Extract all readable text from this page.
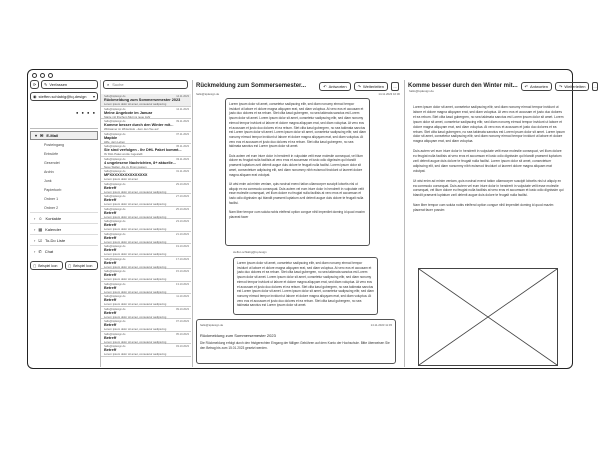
⟳ ✎ Verfassen
◉ steffen.schlabig@tq.design ▾
● ● ● ●
▾ ✉ E-Mail
Posteingang
Entwürfe
Gesendet
Archiv
Junk
Papierkorb
Ordner 1
Ordner 2
› ☺ Kontakte
› ▦ Kalender
› ☑ To-Do Liste
› ✆ Chat
▢ Beispiel Icon	▢ Beispiel Icon
⌕ Suche
hallo@tqdesign.de	14.11.2023
Rückmeldung zum Sommersemester 2023
Lorem ipsum dolor sit amet, consetetur sadipscing
hallo@tqdesign.de	12.11.2023
Meine Angebote im Januar
Starte mit frischem Mut ins neue Jahr
hallo@tqdesign.de	09.11.2023
Komme besser durch den Winter mit...
Wirksamer im Winterlook - dem den Tee auf
hallo@tqdesign.de	07.11.2023
Mapble
Hilfe, dein Leben
hallo@tqdesign.de	05.11.2023
Sie sind verfolgen - Ihr DHL Paket kommt...
Ihr DHL Paket wurde zugestellt
hallo@tqdesign.de	03.11.2023
4 ungelesene Nachrichten, 8+ aktuelle...
Neue Stellen, die zu Ihnen passen
hallo@tqdesign.de	01.11.2023
MFXXXXXXXXXXXXXXX
Lorem ipsum dolor sit amet
hallo@tqdesign.de	29.10.2023
Betreff
Lorem ipsum dolor sit amet, consetetur sadipscing
hallo@tqdesign.de	27.10.2023
Betreff
Lorem ipsum dolor sit amet, consetetur sadipscing
hallo@tqdesign.de	25.10.2023
Betreff
Lorem ipsum dolor sit amet, consetetur sadipscing
hallo@tqdesign.de	23.10.2023
Betreff
Lorem ipsum dolor sit amet, consetetur sadipscing
hallo@tqdesign.de	21.10.2023
Betreff
Lorem ipsum dolor sit amet, consetetur sadipscing
hallo@tqdesign.de	19.10.2023
Betreff
Lorem ipsum dolor sit amet, consetetur sadipscing
hallo@tqdesign.de	17.10.2023
Betreff
Lorem ipsum dolor sit amet, consetetur sadipscing
hallo@tqdesign.de	15.10.2023
Betreff
Lorem ipsum dolor sit amet, consetetur sadipscing
hallo@tqdesign.de	13.10.2023
Betreff
Lorem ipsum dolor sit amet, consetetur sadipscing
hallo@tqdesign.de	11.10.2023
Betreff
Lorem ipsum dolor sit amet, consetetur sadipscing
hallo@tqdesign.de	09.10.2023
Betreff
Lorem ipsum dolor sit amet, consetetur sadipscing
hallo@tqdesign.de	07.10.2023
Betreff
Lorem ipsum dolor sit amet, consetetur sadipscing
hallo@tqdesign.de	05.10.2023
Betreff
Lorem ipsum dolor sit amet, consetetur sadipscing
hallo@tqdesign.de	03.10.2023
Betreff
Lorem ipsum dolor sit amet, consetetur sadipscing
Rückmeldung zum Sommersemester...	↶ Antworten	↷ Weiterleiten	...
hallo@tqdesign.de	14.11.2023 10:30

Lorem ipsum dolor sit amet, consetetur sadipscing elitr, sed diam nonumy eirmod tempor invidunt ut labore et dolore magna aliquyam erat, sed diam voluptua. At vero eos et accusam et justo duo dolores et ea rebum. Stet clita kasd gubergren, no sea takimata sanctus est Lorem ipsum dolor sit amet. Lorem ipsum dolor sit amet, consetetur sadipscing elitr, sed diam nonumy eirmod tempor invidunt ut labore et dolore magna aliquyam erat, sed diam voluptua. At vero eos et accusam et justo duo dolores et ea rebum. Stet clita kasd gubergren, no sea takimata sanctus est Lorem ipsum dolor sit amet. Lorem ipsum dolor sit amet, consetetur sadipscing elitr, sed diam nonumy eirmod tempor invidunt ut labore et dolore magna aliquyam erat, sed diam voluptua. At vero eos et accusam et justo duo dolores et ea rebum. Stet clita kasd gubergren, no sea takimata sanctus est Lorem ipsum dolor sit amet.

Duis autem vel eum iriure dolor in hendrerit in vulputate velit esse molestie consequat, vel illum dolore eu feugiat nulla facilisis at vero eros et accumsan et iusto odio dignissim qui blandit praesent luptatum zzril delenit augue duis dolore te feugait nulla facilisi. Lorem ipsum dolor sit amet, consectetuer adipiscing elit, sed diam nonummy nibh euismod tincidunt ut laoreet dolore magna aliquam erat volutpat.

Ut wisi enim ad minim veniam, quis nostrud exerci tation ullamcorper suscipit lobortis nisl ut aliquip ex ea commodo consequat. Duis autem vel eum iriure dolor in hendrerit in vulputate velit esse molestie consequat, vel illum dolore eu feugiat nulla facilisis at vero eros et accumsan et iusto odio dignissim qui blandit praesent luptatum zzril delenit augue duis dolore te feugait nulla facilisi.

Nam liber tempor cum soluta nobis eleifend option congue nihil imperdiet doming id quod mazim placerat facer

steffen.schlabig@tq.design

Lorem ipsum dolor sit amet, consetetur sadipscing elitr, sed diam nonumy eirmod tempor invidunt ut labore et dolore magna aliquyam erat, sed diam voluptua. At vero eos et accusam et justo duo dolores et ea rebum. Stet clita kasd gubergren, no sea takimata sanctus est Lorem ipsum dolor sit amet. Lorem ipsum dolor sit amet, consetetur sadipscing elitr, sed diam nonumy eirmod tempor invidunt ut labore et dolore magna aliquyam erat, sed diam voluptua. At vero eos et accusam et justo duo dolores et ea rebum. Stet clita kasd gubergren, no sea takimata sanctus est Lorem ipsum dolor sit amet. Lorem ipsum dolor sit amet, consetetur sadipscing elitr, sed diam nonumy eirmod tempor invidunt ut labore et dolore magna aliquyam erat, sed diam voluptua. At vero eos et accusam et justo duo dolores et ea rebum. Stet clita kasd gubergren, no sea takimata sanctus est Lorem ipsum dolor sit amet.

hallo@tqdesign.de	14.11.2023 11:45
Rückmeldung zum Sommersemester 2023
Die Rückmeldung erfolgt durch den fristgerechten Eingang der fälligen Gebühren auf dem Konto der Hochschule. Bitte überweisen Sie den Betrag bis zum 15.01.2023 gesetzt werden.
Komme besser durch den Winter mit... ↶ Antworten	↷ Weiterleiten ...
hallo@tqdesign.de

Lorem ipsum dolor sit amet, consetetur sadipscing elitr, sed diam nonumy eirmod tempor invidunt ut labore et dolore magna aliquyam erat, sed diam voluptua. At vero eos et accusam et justo duo dolores et ea rebum. Stet clita kasd gubergren, no sea takimata sanctus est Lorem ipsum dolor sit amet. Lorem ipsum dolor sit amet, consetetur sadipscing elitr, sed diam nonumy eirmod tempor invidunt ut labore et dolore magna aliquyam erat, sed diam voluptua. At vero eos et accusam et justo duo dolores et ea rebum. Stet clita kasd gubergren, no sea takimata sanctus est Lorem ipsum dolor sit amet. Lorem ipsum dolor sit amet, consetetur sadipscing elitr, sed diam nonumy eirmod tempor invidunt ut labore et dolore magna aliquyam erat, sed diam voluptua.

Duis autem vel eum iriure dolor in hendrerit in vulputate velit esse molestie consequat, vel illum dolore eu feugiat nulla facilisis at vero eros et accumsan et iusto odio dignissim qui blandit praesent luptatum zzril delenit augue duis dolore te feugait nulla facilisi. Lorem ipsum dolor sit amet, consectetuer adipiscing elit, sed diam nonummy nibh euismod tincidunt ut laoreet dolore magna aliquam erat volutpat.

Ut wisi enim ad minim veniam, quis nostrud exerci tation ullamcorper suscipit lobortis nisl ut aliquip ex ea commodo consequat. Duis autem vel eum iriure dolor in hendrerit in vulputate velit esse molestie consequat, vel illum dolore eu feugiat nulla facilisis at vero eros et accumsan et iusto odio dignissim qui blandit praesent luptatum zzril delenit augue duis dolore te feugait nulla facilisi.

Nam liber tempor cum soluta nobis eleifend option congue nihil imperdiet doming id quod mazim placerat facer possim
